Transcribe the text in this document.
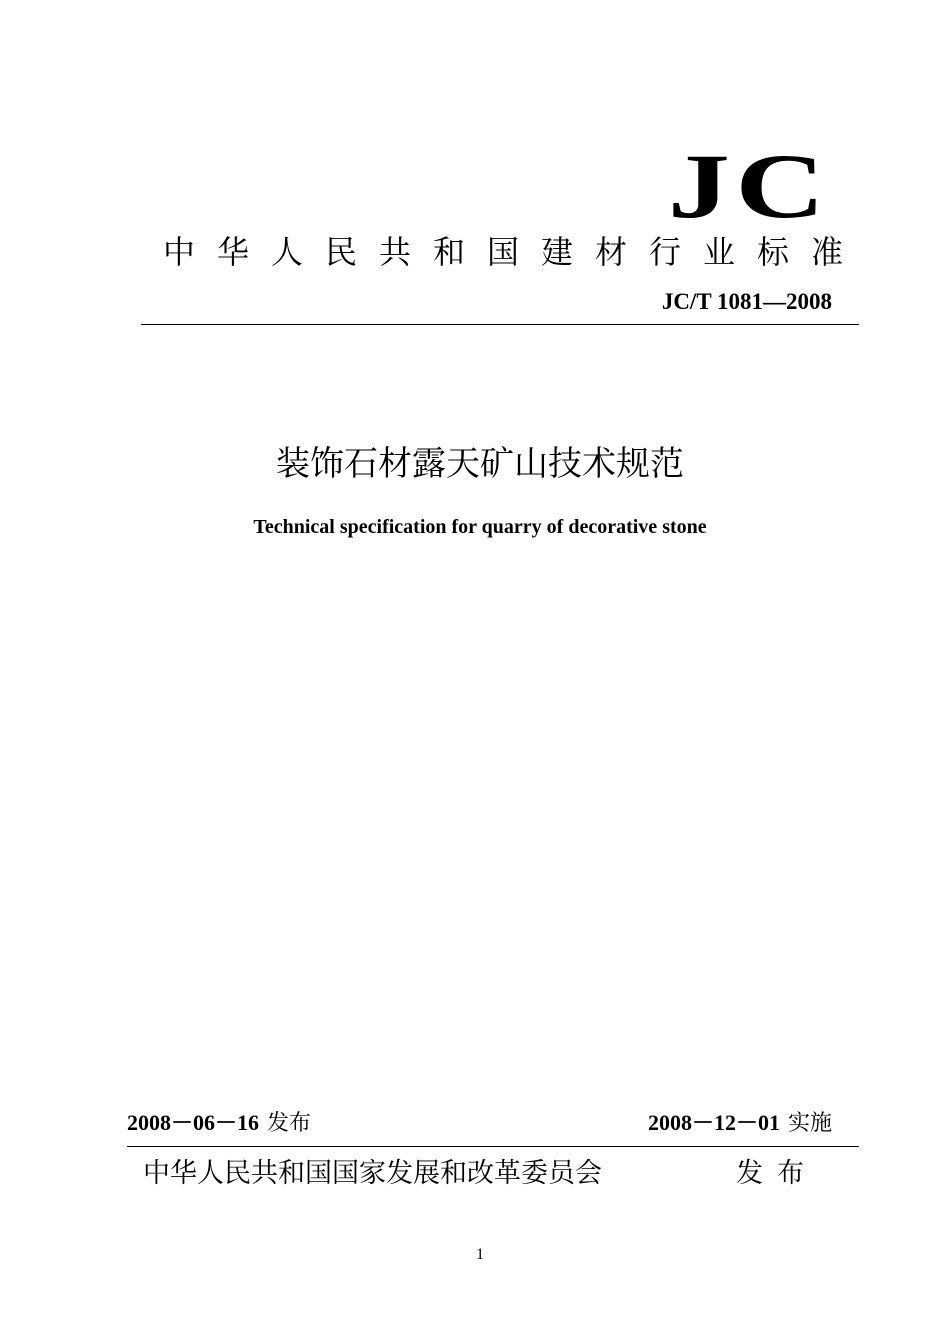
JC
中华人民共和国建材行业标准
JC/T 1081—2008
装饰石材露天矿山技术规范
Technical specification for quarry of decorative stone
2008－06－16 发布	2008－12－01 实施
中华人民共和国国家发展和改革委员会	发布
1
